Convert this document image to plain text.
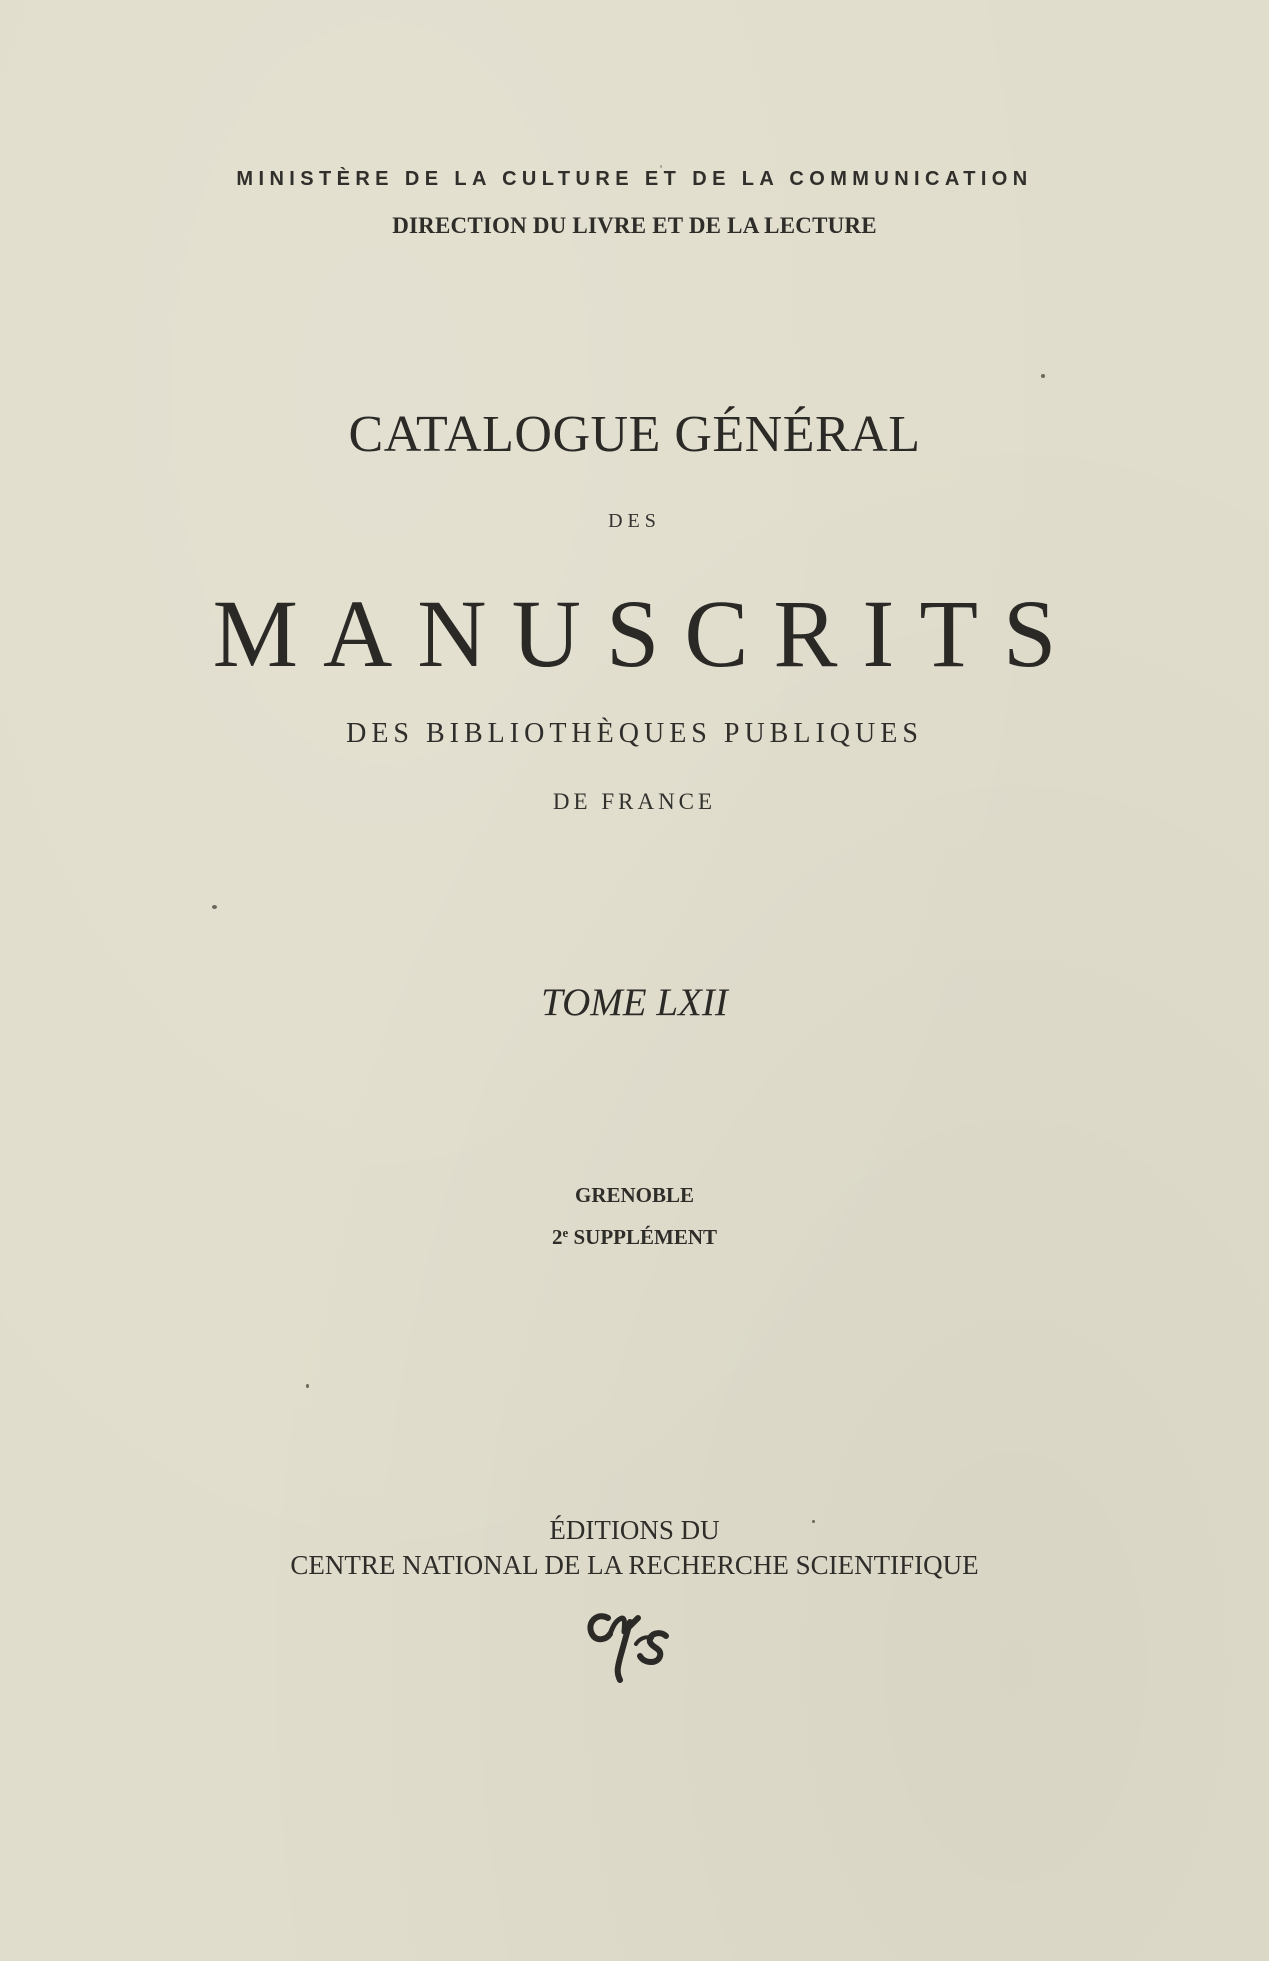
MINISTÈRE DE LA CULTURE ET DE LA COMMUNICATION
DIRECTION DU LIVRE ET DE LA LECTURE
CATALOGUE GÉNÉRAL
DES
MANUSCRITS
DES BIBLIOTHÈQUES PUBLIQUES
DE FRANCE
TOME LXII
GRENOBLE
2e SUPPLÉMENT
ÉDITIONS DU
CENTRE NATIONAL DE LA RECHERCHE SCIENTIFIQUE
